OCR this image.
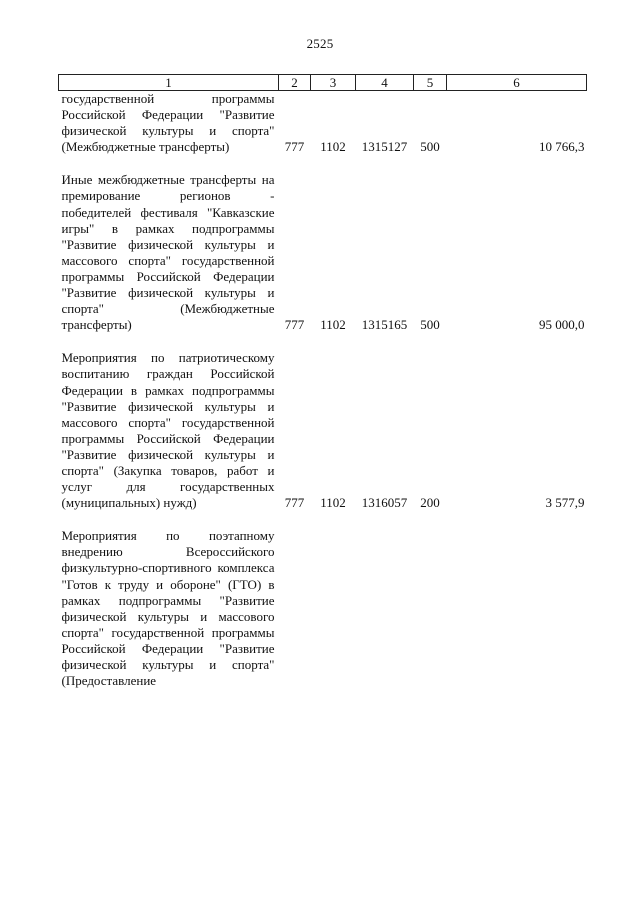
2525
1	2	3	4	5	6
государственной программы Российской Федерации "Развитие физической культуры и спорта" (Межбюджетные трансферты)	777	1102	1315127	500	10 766,3

Иные межбюджетные трансферты на премирование регионов - победителей фестиваля "Кавказские игры" в рамках подпрограммы "Развитие физической культуры и массового спорта" государственной программы Российской Федерации "Развитие физической культуры и спорта" (Межбюджетные трансферты)	777	1102	1315165	500	95 000,0

Мероприятия по патриотическому воспитанию граждан Российской Федерации в рамках подпрограммы "Развитие физической культуры и массового спорта" государственной программы Российской Федерации "Развитие физической культуры и спорта" (Закупка товаров, работ и услуг для государственных (муниципальных) нужд)	777	1102	1316057	200	3 577,9

Мероприятия по поэтапному внедрению Всероссийского физкультурно-спортивного комплекса "Готов к труду и обороне" (ГТО) в рамках подпрограммы "Развитие физической культуры и массового спорта" государственной программы Российской Федерации "Развитие физической культуры и спорта" (Предоставление					
